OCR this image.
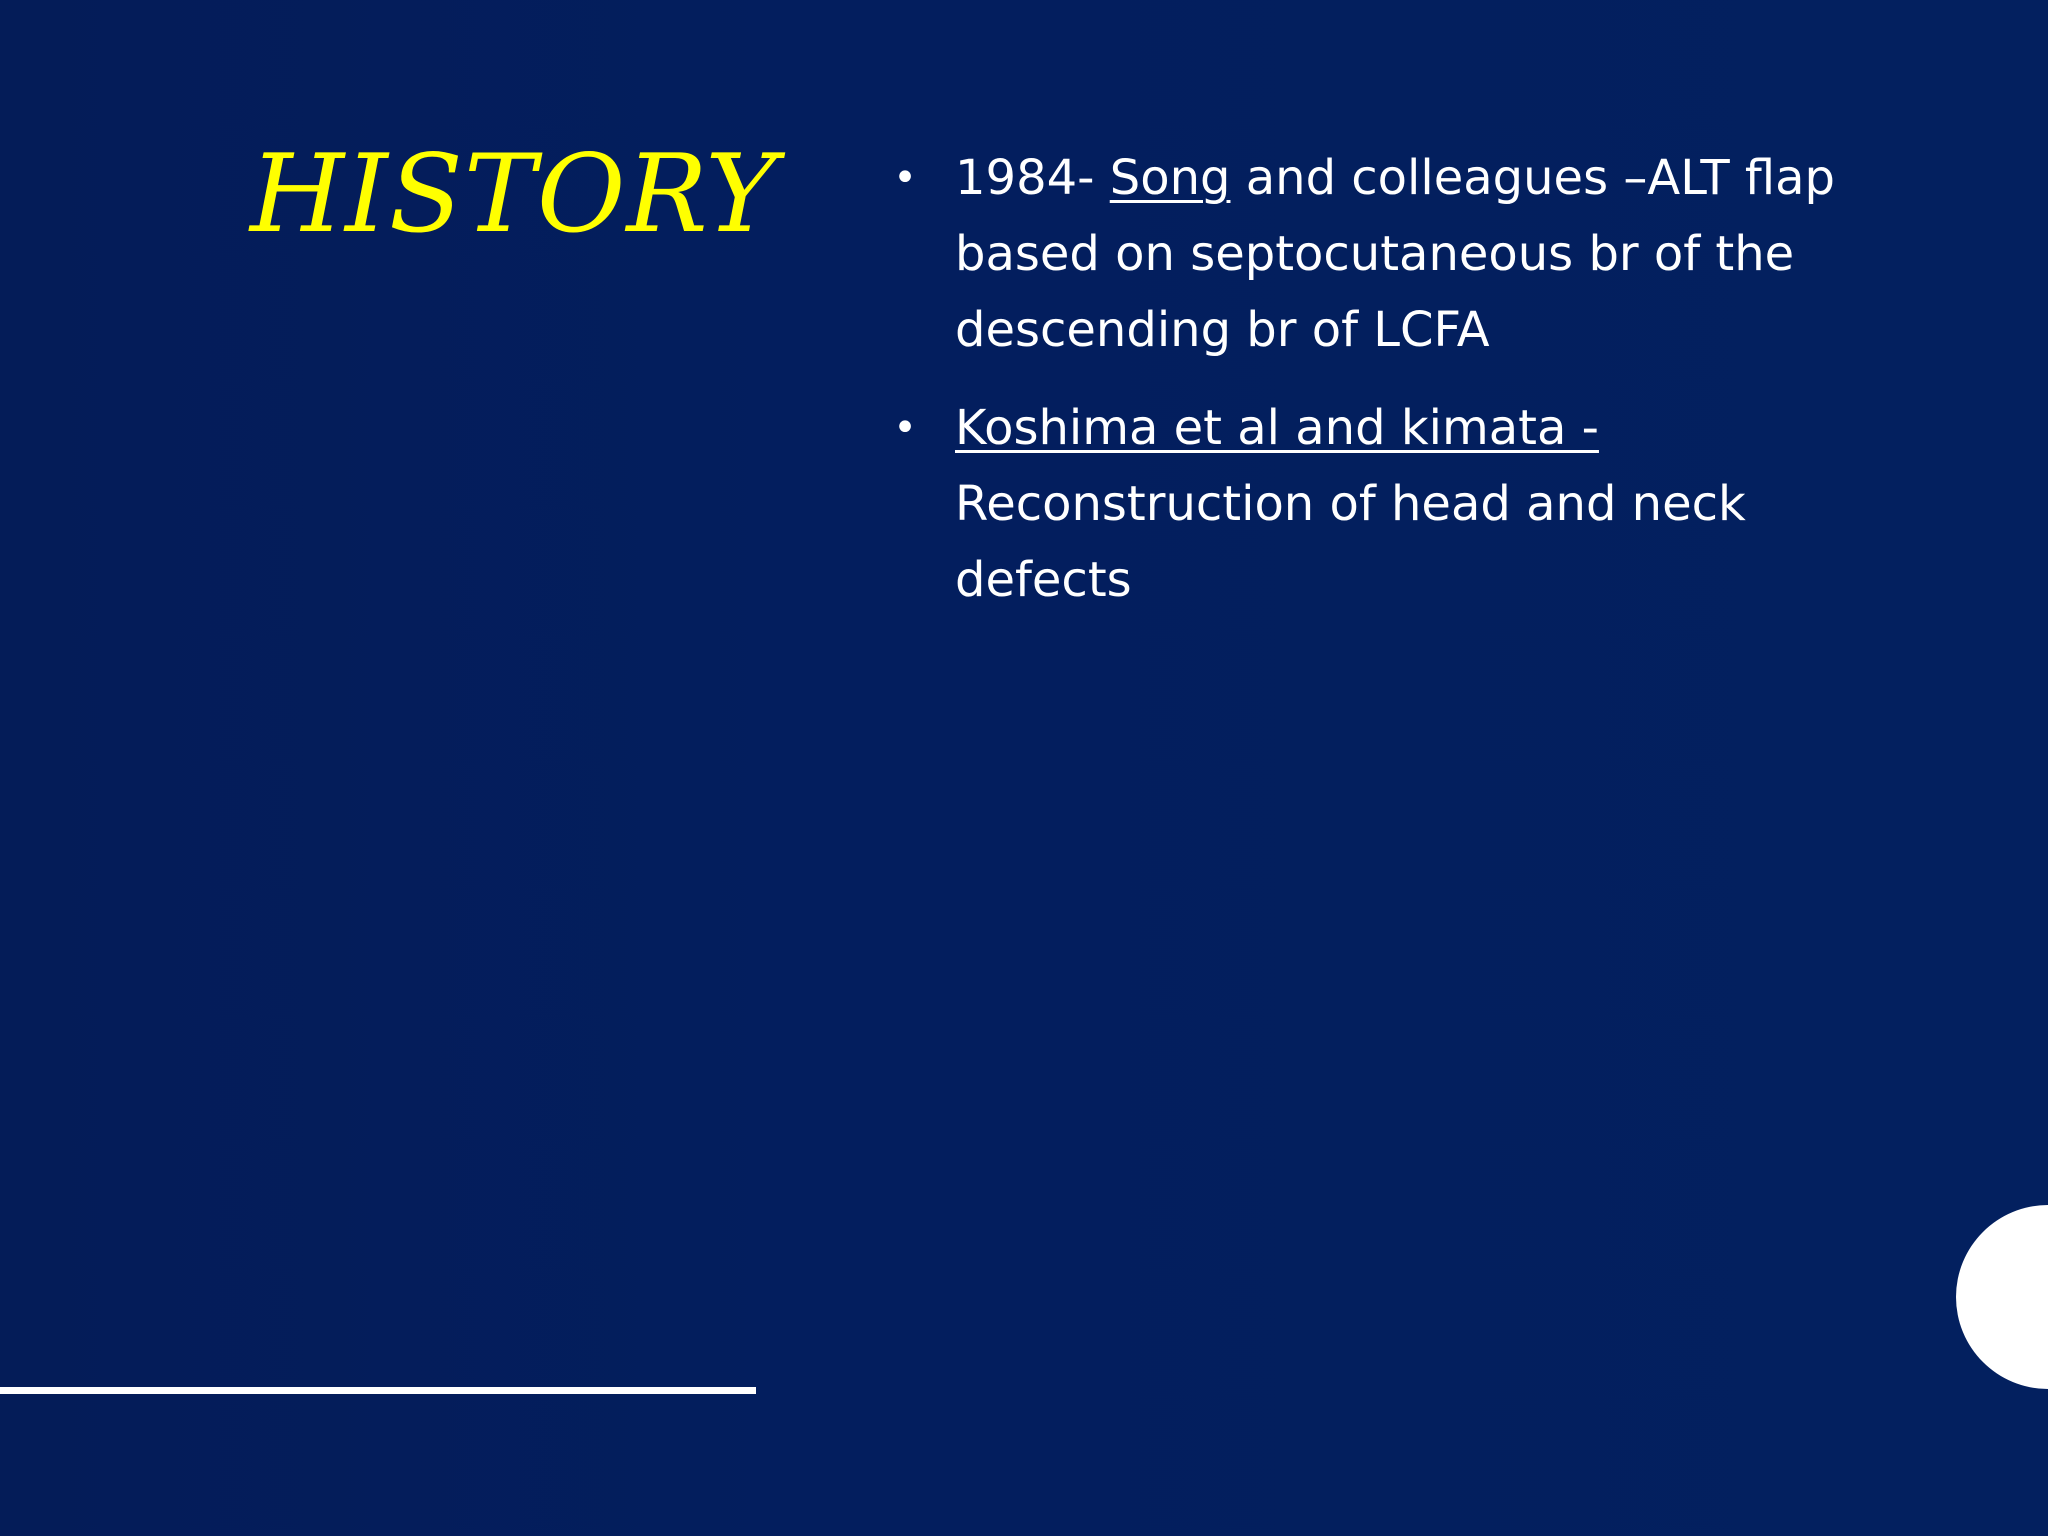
HISTORY	• 1984- Song and colleagues –ALT flap based on septocutaneous br of the descending br of LCFA
• Koshima et al and kimata - Reconstruction of head and neck defects
